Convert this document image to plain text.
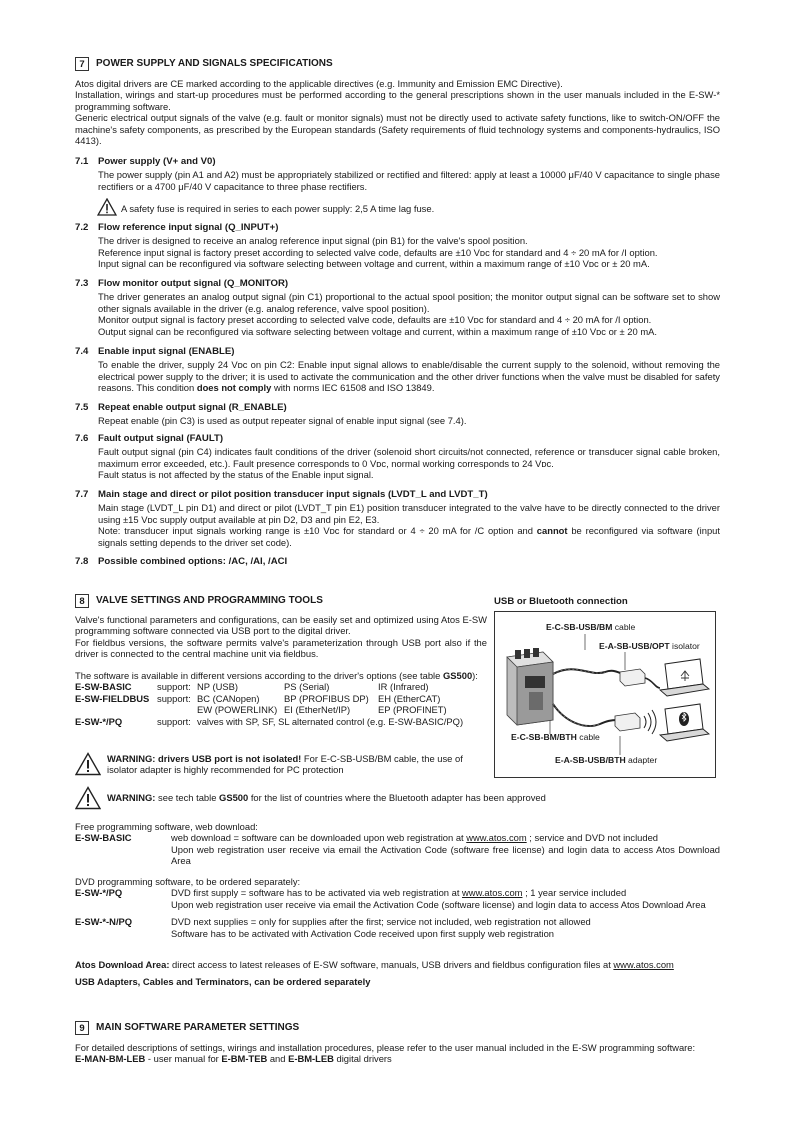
7	POWER SUPPLY AND SIGNALS SPECIFICATIONS
Atos digital drivers are CE marked according to the applicable directives (e.g. Immunity and Emission EMC Directive).
Installation, wirings and start-up procedures must be performed according to the general prescriptions shown in the user manuals included in the E-SW-* programming software.
Generic electrical output signals of the valve (e.g. fault or monitor signals) must not be directly used to activate safety functions, like to switch-ON/OFF the machine's safety components, as prescribed by the European standards (Safety requirements of fluid technology systems and components-hydraulics, ISO 4413).
7.1 Power supply (V+ and V0)
The power supply (pin A1 and A2) must be appropriately stabilized or rectified and filtered: apply at least a 10000 μF/40 V capacitance to single phase rectifiers or a 4700 μF/40 V capacitance to three phase rectifiers.
A safety fuse is required in series to each power supply: 2,5 A time lag fuse.
7.2 Flow reference input signal (Q_INPUT+)
The driver is designed to receive an analog reference input signal (pin B1) for the valve's spool position.
Reference input signal is factory preset according to selected valve code, defaults are ±10 Vᴅᴄ for standard and 4 ÷ 20 mA for /I option.
Input signal can be reconfigured via software selecting between voltage and current, within a maximum range of ±10 Vᴅᴄ or ± 20 mA.
7.3 Flow monitor output signal (Q_MONITOR)
The driver generates an analog output signal (pin C1) proportional to the actual spool position; the monitor output signal can be software set to show other signals available in the driver (e.g. analog reference, valve spool position).
Monitor output signal is factory preset according to selected valve code, defaults are ±10 Vᴅᴄ for standard and 4 ÷ 20 mA for /I option.
Output signal can be reconfigured via software selecting between voltage and current, within a maximum range of ±10 Vᴅᴄ or ± 20 mA.
7.4 Enable input signal (ENABLE)
To enable the driver, supply 24 Vᴅᴄ on pin C2: Enable input signal allows to enable/disable the current supply to the solenoid, without removing the electrical power supply to the driver; it is used to activate the communication and the other driver functions when the valve must be disabled for safety reasons. This condition does not comply with norms IEC 61508 and ISO 13849.
7.5 Repeat enable output signal (R_ENABLE)
Repeat enable (pin C3) is used as output repeater signal of enable input signal (see 7.4).
7.6 Fault output signal (FAULT)
Fault output signal (pin C4) indicates fault conditions of the driver (solenoid short circuits/not connected, reference or transducer signal cable broken, maximum error exceeded, etc.). Fault presence corresponds to 0 Vᴅᴄ, normal working corresponds to 24 Vᴅᴄ.
Fault status is not affected by the status of the Enable input signal.
7.7 Main stage and direct or pilot position transducer input signals (LVDT_L and LVDT_T)
Main stage (LVDT_L pin D1) and direct or pilot (LVDT_T pin E1) position transducer integrated to the valve have to be directly connected to the driver using ±15 Vᴅᴄ supply output available at pin D2, D3 and pin E2, E3.
Note: transducer input signals working range is ±10 Vᴅᴄ for standard or 4 ÷ 20 mA for /C option and cannot be reconfigured via software (input signals setting depends to the driver set code).
7.8 Possible combined options: /AC, /AI, /ACI
8	VALVE SETTINGS AND PROGRAMMING TOOLS	USB or Bluetooth connection
Valve's functional parameters and configurations, can be easily set and optimized using Atos E-SW programming software connected via USB port to the digital driver.
For fieldbus versions, the software permits valve's parameterization through USB port also if the driver is connected to the central machine unit via fieldbus.
The software is available in different versions according to the driver's options (see table GS500):
E-SW-BASIC	support: NP (USB)	PS (Serial)	IR (Infrared)
E-SW-FIELDBUS support: BC (CANopen)	BP (PROFIBUS DP) EH (EtherCAT)
EW (POWERLINK) EI (EtherNet/IP)	EP (PROFINET)
E-SW-*/PQ	support: valves with SP, SF, SL alternated control (e.g. E-SW-BASIC/PQ)
WARNING: drivers USB port is not isolated! For E-C-SB-USB/BM cable, the use of isolator adapter is highly recommended for PC protection
WARNING: see tech table GS500 for the list of countries where the Bluetooth adapter has been approved
E-C-SB-USB/BM cable
E-A-SB-USB/OPT isolator
E-C-SB-BM/BTH cable
E-A-SB-USB/BTH adapter
Free programming software, web download:
E-SW-BASIC	web download = software can be downloaded upon web registration at www.atos.com ; service and DVD not included
Upon web registration user receive via email the Activation Code (software free license) and login data to access Atos Download Area
DVD programming software, to be ordered separately:
E-SW-*/PQ	DVD first supply = software has to be activated via web registration at www.atos.com ; 1 year service included
Upon web registration user receive via email the Activation Code (software license) and login data to access Atos Download Area
E-SW-*-N/PQ	DVD next supplies = only for supplies after the first; service not included, web registration not allowed
Software has to be activated with Activation Code received upon first supply web registration
Atos Download Area: direct access to latest releases of E-SW software, manuals, USB drivers and fieldbus configuration files at www.atos.com
USB Adapters, Cables and Terminators, can be ordered separately
9	MAIN SOFTWARE PARAMETER SETTINGS
For detailed descriptions of settings, wirings and installation procedures, please refer to the user manual included in the E-SW programming software:
E-MAN-BM-LEB - user manual for E-BM-TEB and E-BM-LEB digital drivers
